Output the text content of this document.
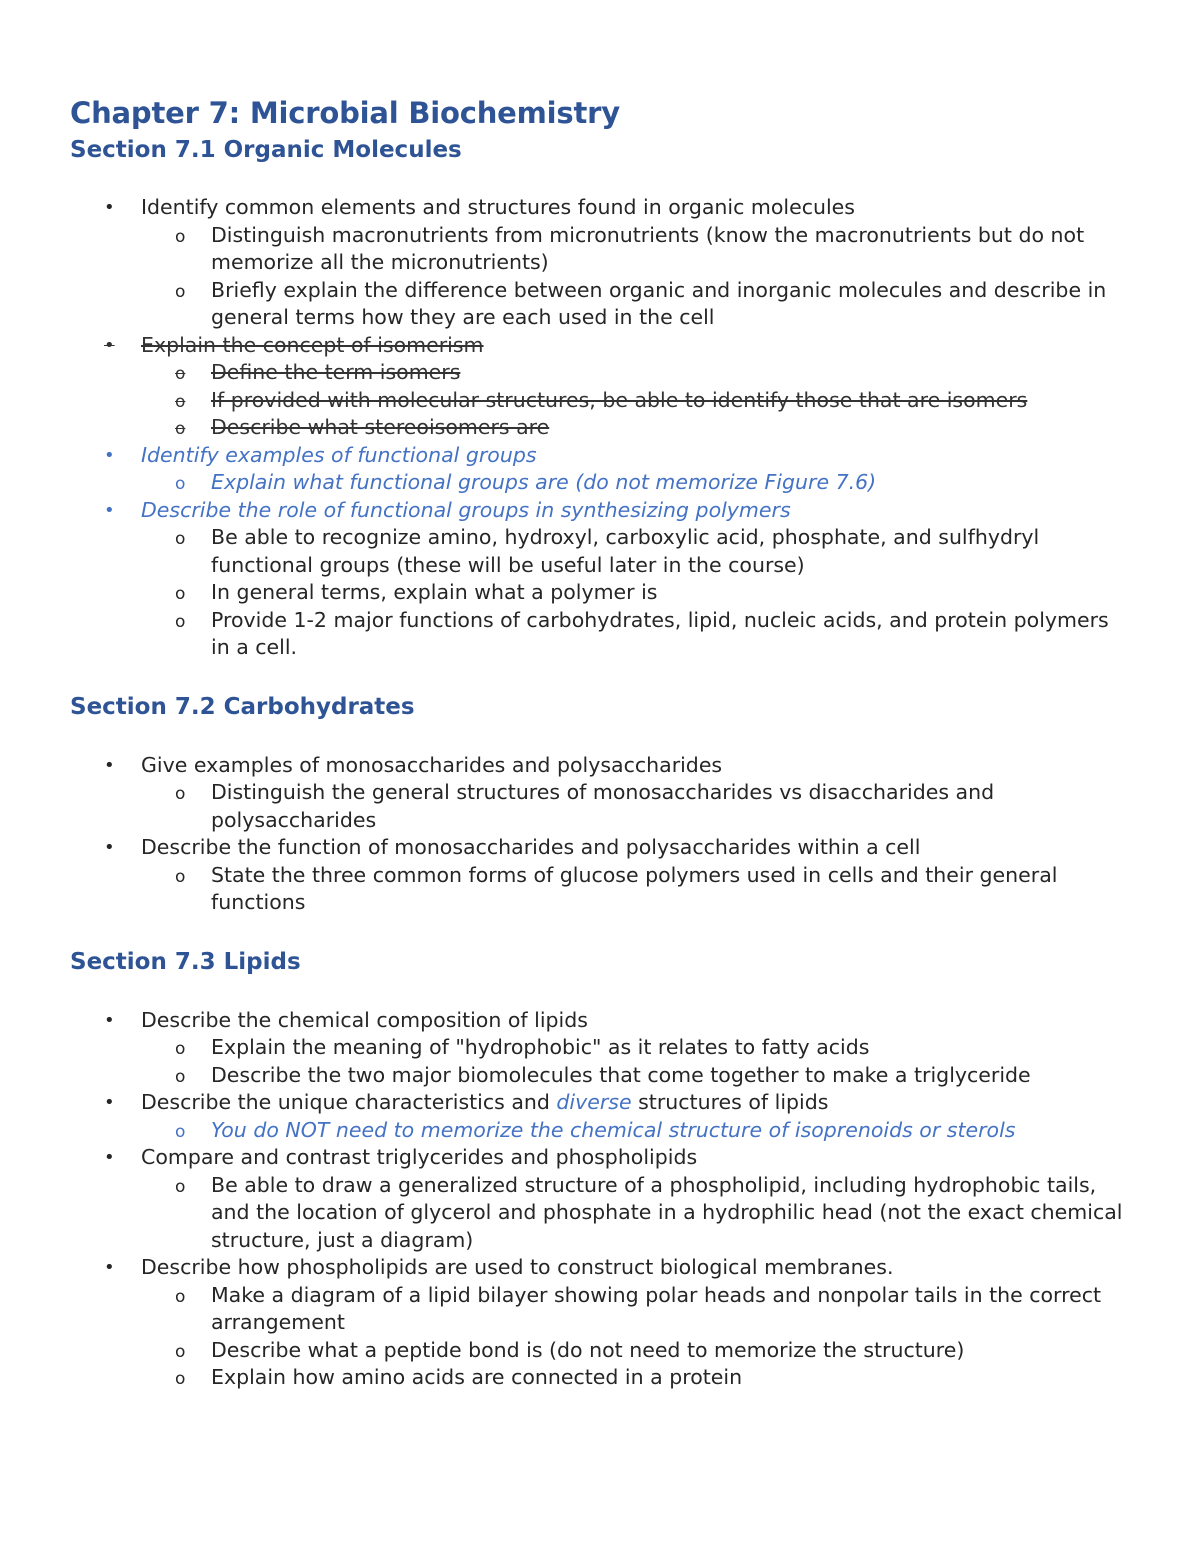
Chapter 7: Microbial Biochemistry
Section 7.1 Organic Molecules
• Identify common elements and structures found in organic molecules
o Distinguish macronutrients from micronutrients (know the macronutrients but do not memorize all the micronutrients)
o Briefly explain the difference between organic and inorganic molecules and describe in general terms how they are each used in the cell
• Explain the concept of isomerism
o Define the term isomers
o If provided with molecular structures, be able to identify those that are isomers
o Describe what stereoisomers are
• Identify examples of functional groups
o Explain what functional groups are (do not memorize Figure 7.6)
• Describe the role of functional groups in synthesizing polymers
o Be able to recognize amino, hydroxyl, carboxylic acid, phosphate, and sulfhydryl functional groups (these will be useful later in the course)
o In general terms, explain what a polymer is
o Provide 1-2 major functions of carbohydrates, lipid, nucleic acids, and protein polymers in a cell.
Section 7.2 Carbohydrates
• Give examples of monosaccharides and polysaccharides
o Distinguish the general structures of monosaccharides vs disaccharides and polysaccharides
• Describe the function of monosaccharides and polysaccharides within a cell
o State the three common forms of glucose polymers used in cells and their general functions
Section 7.3 Lipids
• Describe the chemical composition of lipids
o Explain the meaning of "hydrophobic" as it relates to fatty acids
o Describe the two major biomolecules that come together to make a triglyceride
• Describe the unique characteristics and diverse structures of lipids
o You do NOT need to memorize the chemical structure of isoprenoids or sterols
• Compare and contrast triglycerides and phospholipids
o Be able to draw a generalized structure of a phospholipid, including hydrophobic tails, and the location of glycerol and phosphate in a hydrophilic head (not the exact chemical structure, just a diagram)
• Describe how phospholipids are used to construct biological membranes.
o Make a diagram of a lipid bilayer showing polar heads and nonpolar tails in the correct arrangement
o Describe what a peptide bond is (do not need to memorize the structure)
o Explain how amino acids are connected in a protein
